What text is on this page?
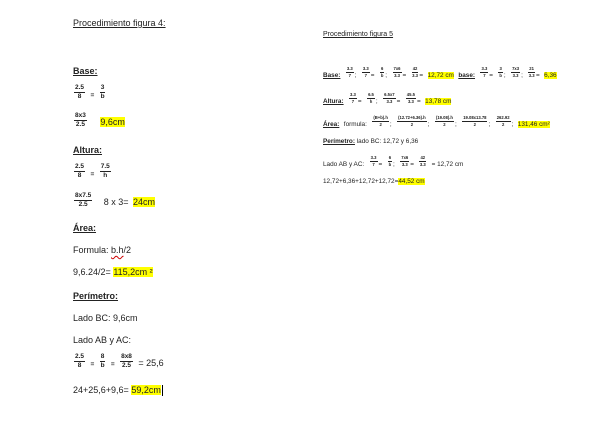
Procedimiento figura 4:
Base:
$\frac{2.5}{8} = \frac{3}{b}$
$\frac{8x3}{2.5} 9,6cm$
Altura:
$\frac{2.5}{8} = \frac{7.5}{h}$
$\frac{8x7.5}{2.5} 8$ x 3= 24cm
Área:
Formula: b.h/2
9,6.24/2= 115,2cm ²
Perímetro:
Lado BC: 9,6cm
Lado AB y AC:
$\frac{2.5}{8} = \frac{8}{b} = \frac{8x8}{2.5} = 25,6$
24+25,6+9,6= 59,2cm
Procedimiento figura 5
Base: $\frac{3.3}{7}$ ; $\frac{3.3}{7} = \frac{6}{b}$ ; $\frac{7x6}{3.3} = \frac{42}{3.3} = 12,72$ cm base: $\frac{3.3}{7} = \frac{3}{b}$ ; $\frac{7x3}{3.3}$ ; $\frac{21}{3.3} = 6,36$
Altura: $\frac{3.3}{7} = \frac{6.5}{h}$ ; $\frac{6.5x7}{3.3} = \frac{45.5}{3.3} = 13,78$ cm
Área: formula: $\frac{(B+b).h}{2}$ ; $\frac{(12.72+6.36).h}{2}$ ; $\frac{(19.08).h}{2}$ ; $\frac{19.08x13.78}{2}$ ; $\frac{262.92}{2}$ ; 131,46 cm²
Perímetro: lado BC: 12,72 y 6,36
Lado AB y AC: $\frac{3.3}{7} = \frac{6}{b}$ ; $\frac{7x6}{3.3} = \frac{42}{3.3} = 12,72$ cm
12,72+6,36+12,72+12,72=44,52 cm
